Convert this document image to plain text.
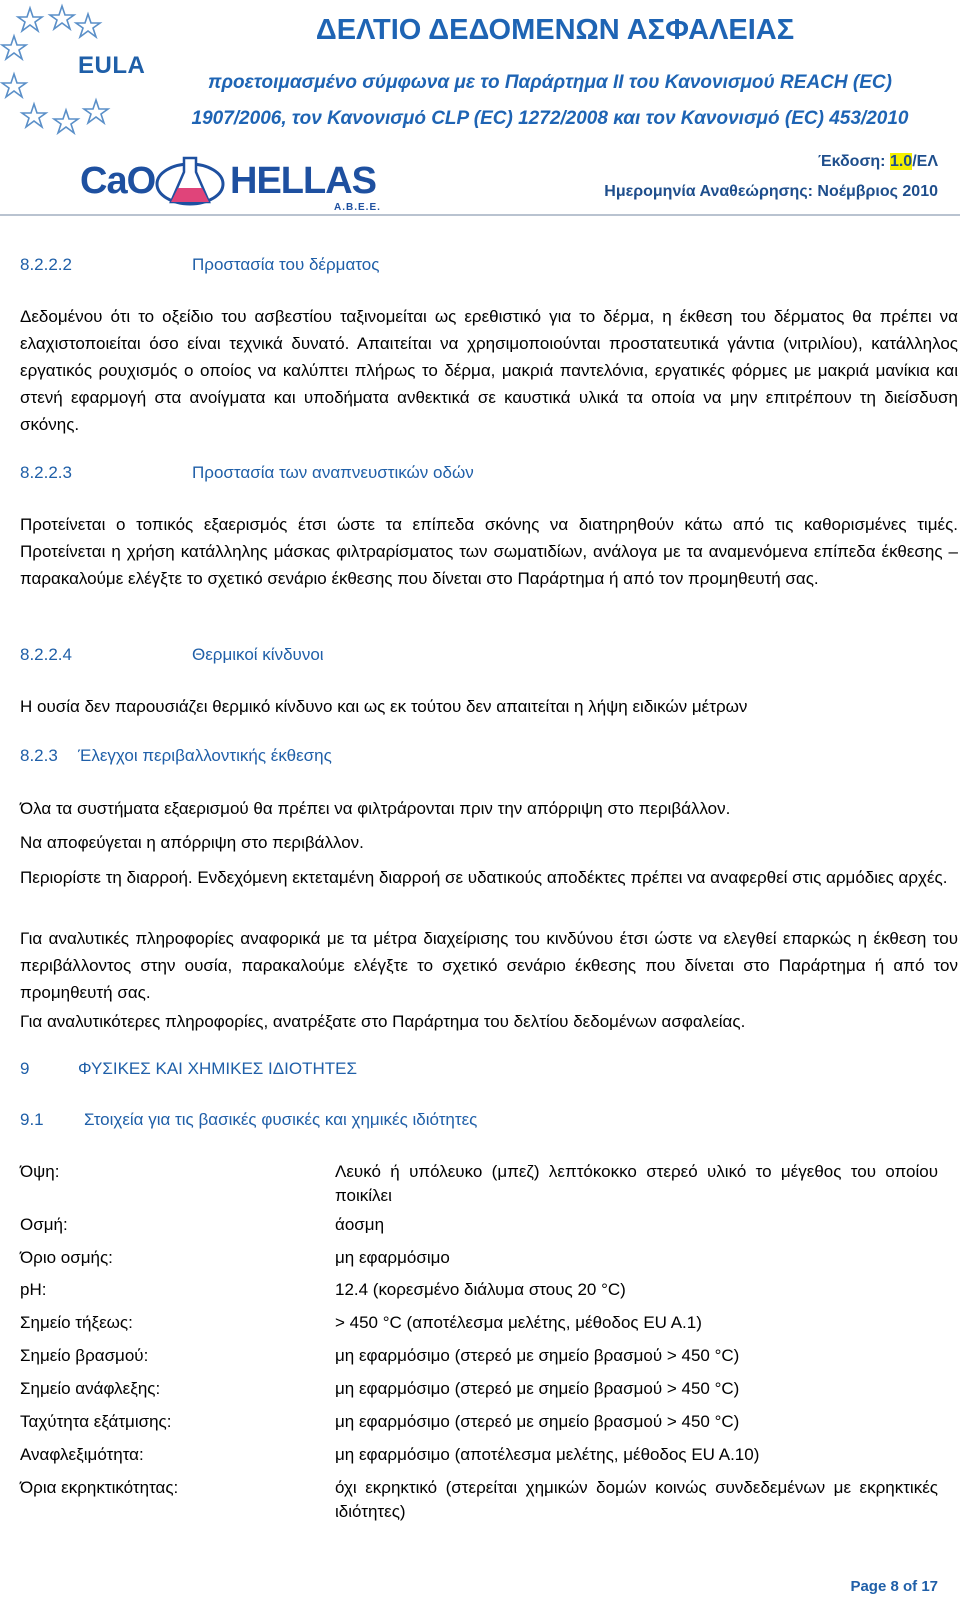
EULA
ΔΕΛΤΙΟ ΔΕΔΟΜΕΝΩΝ ΑΣΦΑΛΕΙΑΣ
προετοιμασμένο σύμφωνα με το Παράρτημα II του Κανονισμού REACH (EC)
1907/2006, τον Κανονισμό CLP (EC) 1272/2008 και τον Κανονισμό (EC) 453/2010
CaO HELLAS
A.B.E.E.
Έκδοση: 1.0/ΕΛ
Ημερομηνία Αναθεώρησης: Νοέμβριος 2010
8.2.2.2	Προστασία του δέρματος
Δεδομένου ότι το οξείδιο του ασβεστίου ταξινομείται ως ερεθιστικό για το δέρμα, η έκθεση του δέρματος θα πρέπει να ελαχιστοποιείται όσο είναι τεχνικά δυνατό. Απαιτείται να χρησιμοποιούνται προστατευτικά γάντια (νιτριλίου), κατάλληλος εργατικός ρουχισμός ο οποίος να καλύπτει πλήρως το δέρμα, μακριά παντελόνια, εργατικές φόρμες με μακριά μανίκια και στενή εφαρμογή στα ανοίγματα και υποδήματα ανθεκτικά σε καυστικά υλικά τα οποία να μην επιτρέπουν τη διείσδυση σκόνης.
8.2.2.3	Προστασία των αναπνευστικών οδών
Προτείνεται ο τοπικός εξαερισμός έτσι ώστε τα επίπεδα σκόνης να διατηρηθούν κάτω από τις καθορισμένες τιμές. Προτείνεται η χρήση κατάλληλης μάσκας φιλτραρίσματος των σωματιδίων, ανάλογα με τα αναμενόμενα επίπεδα έκθεσης – παρακαλούμε ελέγξτε το σχετικό σενάριο έκθεσης που δίνεται στο Παράρτημα ή από τον προμηθευτή σας.
8.2.2.4	Θερμικοί κίνδυνοι
Η ουσία δεν παρουσιάζει θερμικό κίνδυνο και ως εκ τούτου δεν απαιτείται η λήψη ειδικών μέτρων
8.2.3 Έλεγχοι περιβαλλοντικής έκθεσης
Όλα τα συστήματα εξαερισμού θα πρέπει να φιλτράρονται πριν την απόρριψη στο περιβάλλον.
Να αποφεύγεται η απόρριψη στο περιβάλλον.
Περιορίστε τη διαρροή. Ενδεχόμενη εκτεταμένη διαρροή σε υδατικούς αποδέκτες πρέπει να αναφερθεί στις αρμόδιες αρχές.
Για αναλυτικές πληροφορίες αναφορικά με τα μέτρα διαχείρισης του κινδύνου έτσι ώστε να ελεγθεί επαρκώς η έκθεση του περιβάλλοντος στην ουσία, παρακαλούμε ελέγξτε το σχετικό σενάριο έκθεσης που δίνεται στο Παράρτημα ή από τον προμηθευτή σας.
Για αναλυτικότερες πληροφορίες, ανατρέξατε στο Παράρτημα του δελτίου δεδομένων ασφαλείας.
9	ΦΥΣΙΚΕΣ ΚΑΙ ΧΗΜΙΚΕΣ ΙΔΙΟΤΗΤΕΣ
9.1 Στοιχεία για τις βασικές φυσικές και χημικές ιδιότητες
Όψη:	Λευκό ή υπόλευκο (μπεζ) λεπτόκοκκο στερεό υλικό το μέγεθος του οποίου ποικίλει
Οσμή:	άοσμη
Όριο οσμής:	μη εφαρμόσιμο
pH:	12.4 (κορεσμένο διάλυμα στους 20 °C)
Σημείο τήξεως:	> 450 °C (αποτέλεσμα μελέτης, μέθοδος EU A.1)
Σημείο βρασμού:	μη εφαρμόσιμο (στερεό με σημείο βρασμού > 450 °C)
Σημείο ανάφλεξης:	μη εφαρμόσιμο (στερεό με σημείο βρασμού > 450 °C)
Ταχύτητα εξάτμισης:	μη εφαρμόσιμο (στερεό με σημείο βρασμού > 450 °C)
Αναφλεξιμότητα:	μη εφαρμόσιμο (αποτέλεσμα μελέτης, μέθοδος EU A.10)
Όρια εκρηκτικότητας:	όχι εκρηκτικό (στερείται χημικών δομών κοινώς συνδεδεμένων με εκρηκτικές ιδιότητες)
Page 8 of 17
